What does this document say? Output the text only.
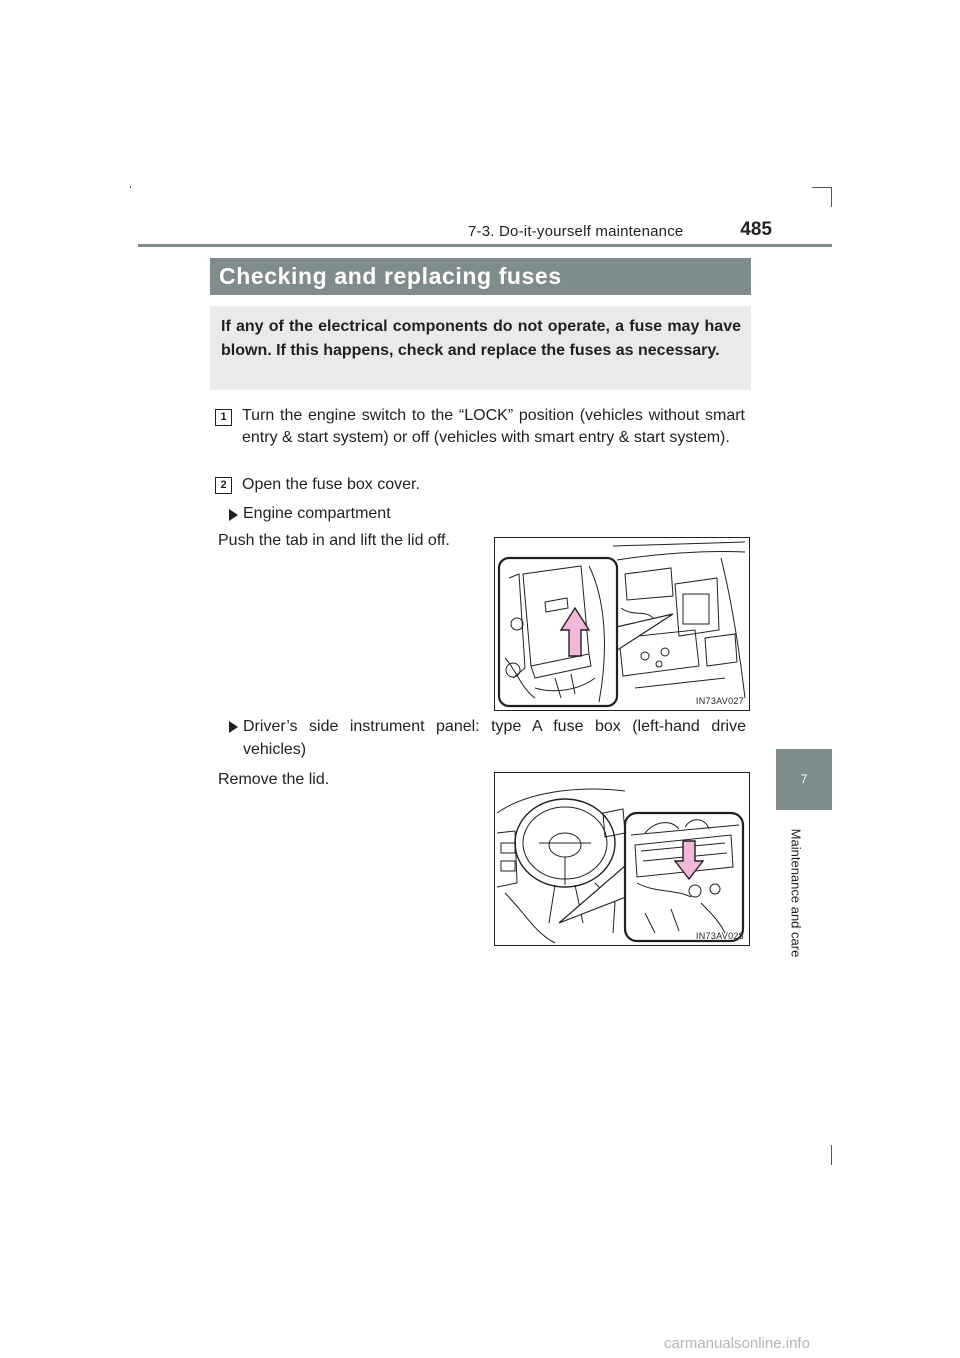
7-3. Do-it-yourself maintenance	485
7
Maintenance and care
Checking and replacing fuses
If any of the electrical components do not operate, a fuse may have blown. If this happens, check and replace the fuses as necessary.
1 Turn the engine switch to the “LOCK” position (vehicles without smart entry & start system) or off (vehicles with smart entry & start system).
2 Open the fuse box cover.
Engine compartment
Push the tab in and lift the lid off.
IN73AV027
Driver’s side instrument panel: type A fuse box (left-hand drive vehicles)
Remove the lid.
IN73AV028
carmanualsonline.info
